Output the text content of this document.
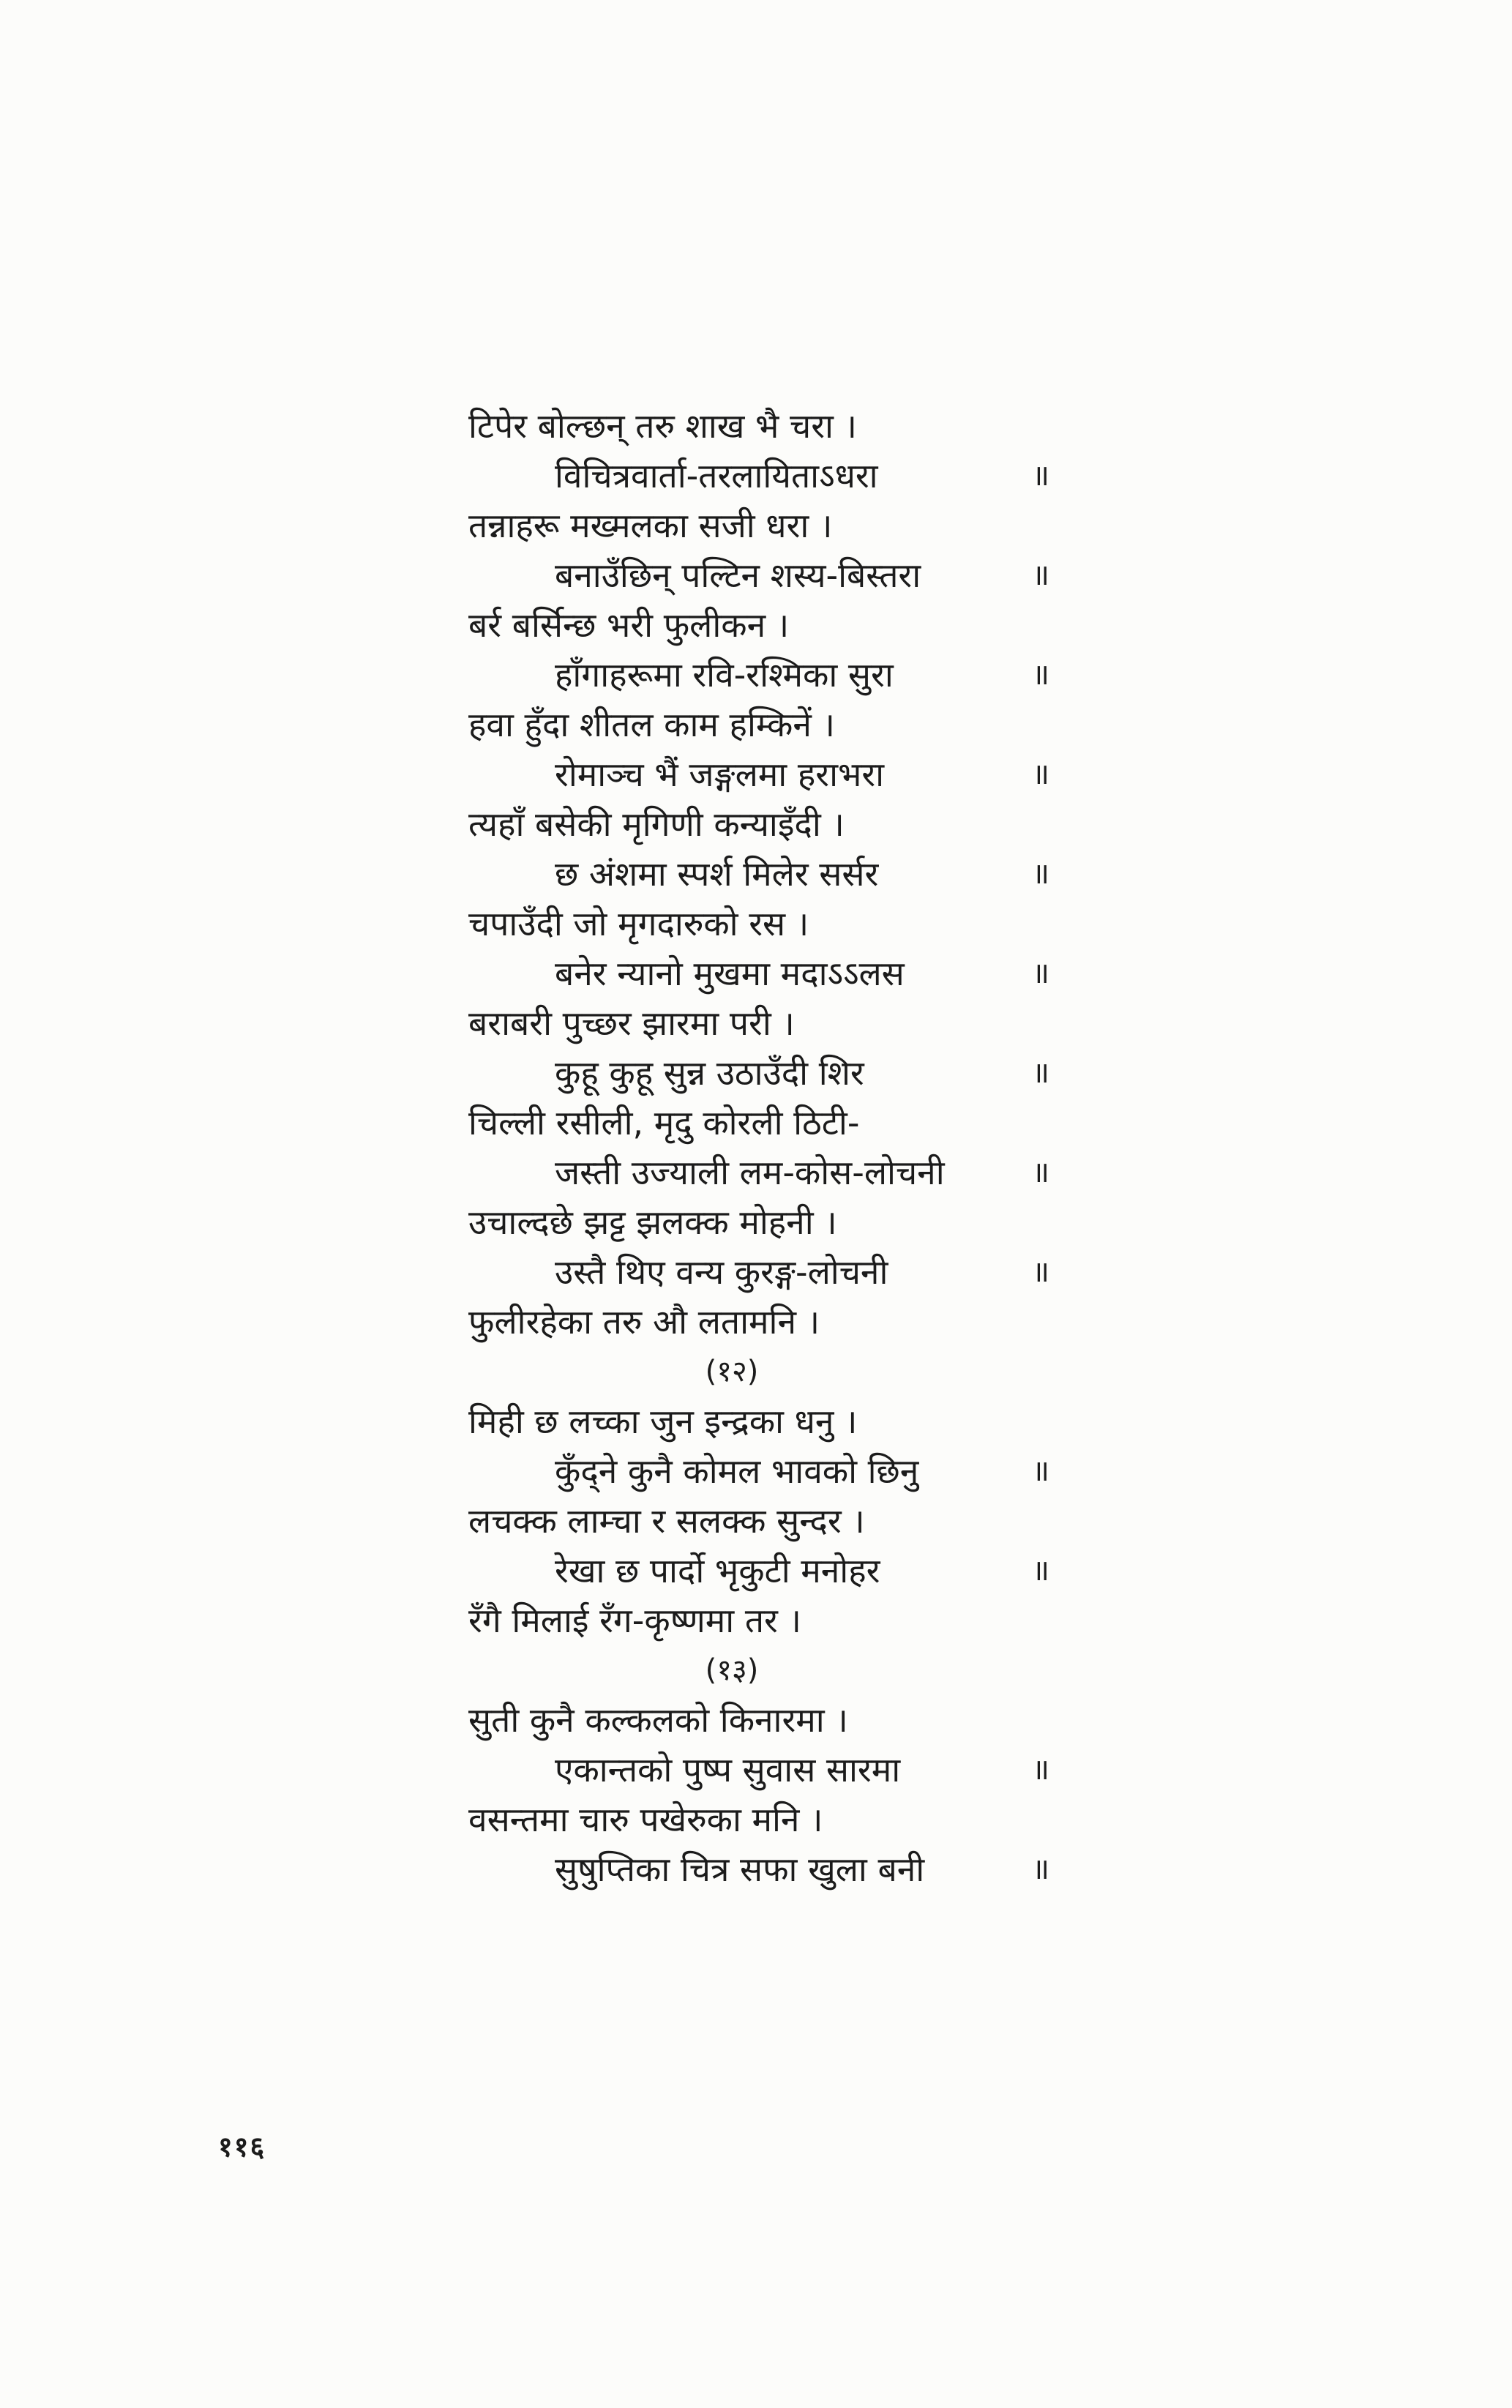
टिपेर बोल्छन् तरु शाख भै चरा ।
विचित्रवार्ता-तरलायिताऽधरा	॥
तन्नाहरू मख्मलका सजी धरा ।
बनाउँछिन् पल्टिन शस्य-बिस्तरा	॥
बर्र बर्सिन्छ भरी फुलीकन ।
हाँगाहरूमा रवि-रश्मिका सुरा	॥
हवा हुँदा शीतल काम हम्किनें ।
रोमाञ्च भैं जङ्गलमा हराभरा	॥
त्यहाँ बसेकी मृगिणी कन्याइँदी ।
छ अंशमा स्पर्श मिलेर सर्सर	॥
चपाउँदी जो मृगदारुको रस ।
बनेर न्यानो मुखमा मदाऽऽलस	॥
बराबरी पुच्छर झारमा परी ।
कुहू कुहू सुन्न उठाउँदी शिर	॥
चिल्ली रसीली, मृदु कोरली ठिटी-
जस्ती उज्याली लम-कोस-लोचनी	॥
उचाल्दछे झट्ट झलक्क मोहनी ।
उस्तै थिए वन्य कुरङ्ग-लोचनी	॥
फुलीरहेका तरु औ लतामनि ।
(१२)
मिही छ लच्का जुन इन्द्रका धनु ।
कुँद्ने कुनै कोमल भावको छिनु	॥
लचक्क लाम्चा र सलक्क सुन्दर ।
रेखा छ पार्दो भृकुटी मनोहर	॥
रँगै मिलाई रँग-कृष्णमा तर ।
(१३)
सुती कुनै कल्कलको किनारमा ।
एकान्तको पुष्प सुवास सारमा	॥
वसन्तमा चारु पखेरुका मनि ।
सुषुप्तिका चित्र सफा खुला बनी	॥
११६
